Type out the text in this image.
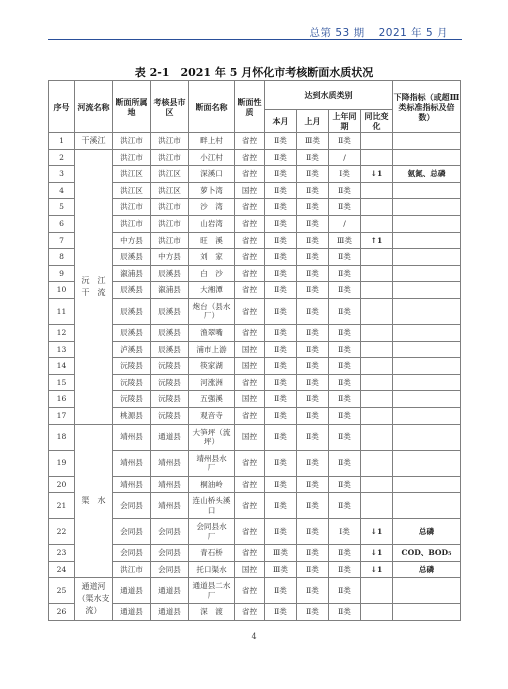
总第 53 期 2021 年 5 月
表 2-1　2021 年 5 月怀化市考核断面水质状况
序号	河流名称	断面所属地	考核县市区	断面名称	断面性质	达到水质类别				下降指标（或超Ⅲ类标准指标及倍数）
						本月	上月	上年同期	同比变化	
1	干溪江	洪江市	洪江市	畔上村	省控	Ⅱ类	Ⅲ类	Ⅱ类		
2	沅　江　干　流	洪江市	洪江市	小江村	省控	Ⅱ类	Ⅱ类	/		
3		洪江区	洪江区	深溪口	省控	Ⅱ类	Ⅱ类	Ⅰ类	↓1	氨氮、总磷
4		洪江区	洪江区	萝卜湾	国控	Ⅱ类	Ⅱ类	Ⅱ类		
5		洪江市	洪江市	沙　湾	省控	Ⅱ类	Ⅱ类	Ⅱ类		
6		洪江市	洪江市	山岩湾	省控	Ⅱ类	Ⅱ类	/		
7		中方县	洪江市	旺　溪	省控	Ⅱ类	Ⅱ类	Ⅲ类	↑1	
8		辰溪县	中方县	刘　家	省控	Ⅱ类	Ⅱ类	Ⅱ类		
9		溆浦县	辰溪县	白　沙	省控	Ⅱ类	Ⅱ类	Ⅱ类		
10		辰溪县	溆浦县	大湘潭	省控	Ⅱ类	Ⅱ类	Ⅱ类		
11		辰溪县	辰溪县	炮台（县水厂）	省控	Ⅱ类	Ⅱ类	Ⅱ类		
12		辰溪县	辰溪县	渔翠嘴	省控	Ⅱ类	Ⅱ类	Ⅱ类		
13		泸溪县	辰溪县	浦市上游	国控	Ⅱ类	Ⅱ类	Ⅱ类		
14		沅陵县	沅陵县	筷家湖	国控	Ⅱ类	Ⅱ类	Ⅱ类		
15		沅陵县	沅陵县	河涨洲	省控	Ⅱ类	Ⅱ类	Ⅱ类		
16		沅陵县	沅陵县	五强溪	国控	Ⅱ类	Ⅱ类	Ⅱ类		
17		桃源县	沅陵县	观音寺	省控	Ⅱ类	Ⅱ类	Ⅱ类		
18	渠　水	靖州县	通道县	大笋坪（流坪）	国控	Ⅱ类	Ⅱ类	Ⅱ类		
19		靖州县	靖州县	靖州县水　厂	省控	Ⅱ类	Ⅱ类	Ⅱ类		
20		靖州县	靖州县	桐油岭	省控	Ⅱ类	Ⅱ类	Ⅱ类		
21		会同县	靖州县	连山桥头溪口	省控	Ⅱ类	Ⅱ类	Ⅱ类		
22		会同县	会同县	会同县水　厂	省控	Ⅱ类	Ⅱ类	Ⅰ类	↓1	总磷
23		会同县	会同县	青石桥	省控	Ⅲ类	Ⅱ类	Ⅱ类	↓1	COD、BOD₅
24		洪江市	会同县	托口渠水	国控	Ⅲ类	Ⅱ类	Ⅱ类	↓1	总磷
25	通道河（渠水支流）	通道县	通道县	通道县二水厂	省控	Ⅱ类	Ⅱ类	Ⅱ类		
26		通道县	通道县	深　渡	省控	Ⅱ类	Ⅱ类	Ⅱ类		
4
